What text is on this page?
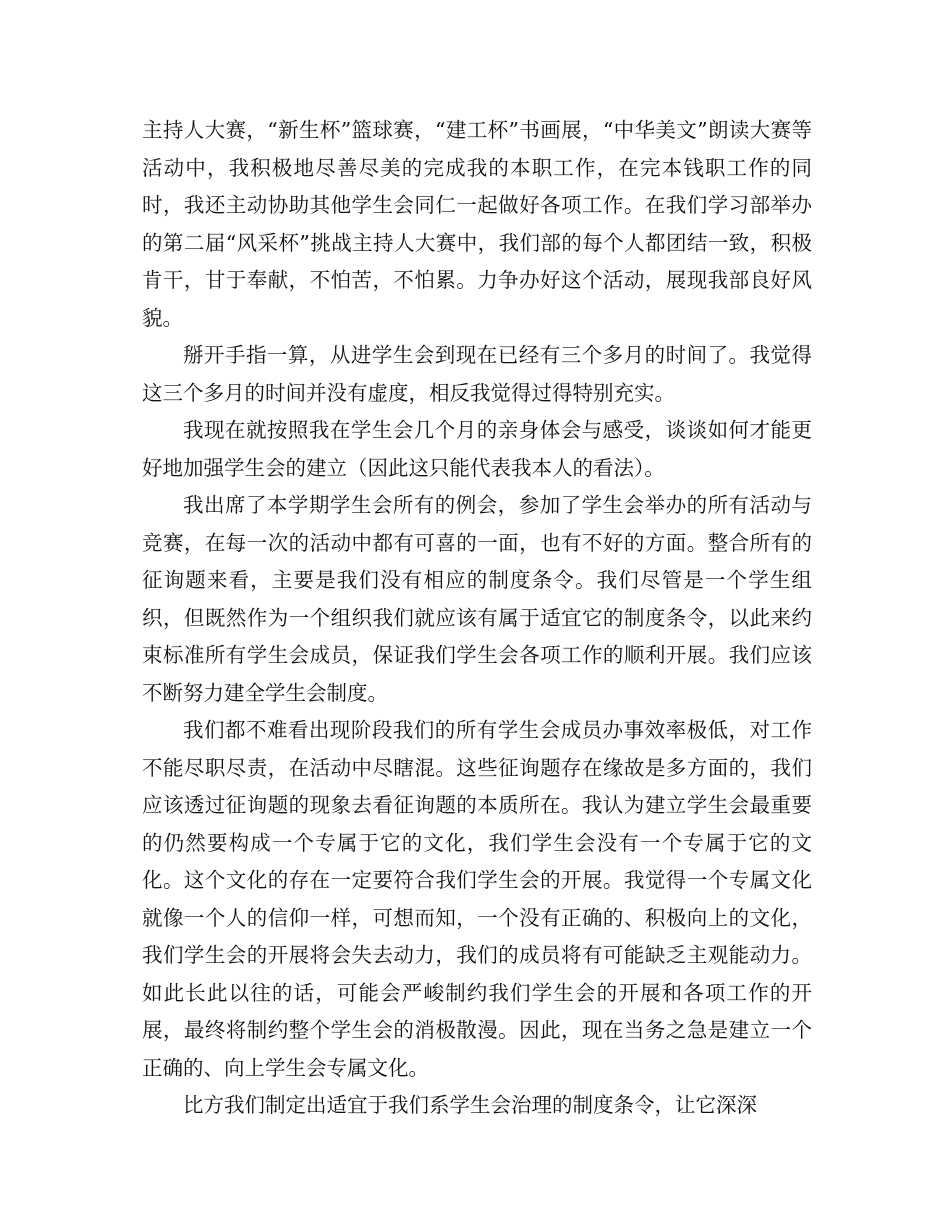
主持人大赛，“新生杯”篮球赛，“建工杯”书画展，“中华美文”朗读大赛等活动中，我积极地尽善尽美的完成我的本职工作，在完本钱职工作的同时，我还主动协助其他学生会同仁一起做好各项工作。在我们学习部举办的第二届“风采杯”挑战主持人大赛中，我们部的每个人都团结一致，积极肯干，甘于奉献，不怕苦，不怕累。力争办好这个活动，展现我部良好风貌。

掰开手指一算，从进学生会到现在已经有三个多月的时间了。我觉得这三个多月的时间并没有虚度，相反我觉得过得特别充实。

我现在就按照我在学生会几个月的亲身体会与感受，谈谈如何才能更好地加强学生会的建立（因此这只能代表我本人的看法）。

我出席了本学期学生会所有的例会，参加了学生会举办的所有活动与竞赛，在每一次的活动中都有可喜的一面，也有不好的方面。整合所有的征询题来看，主要是我们没有相应的制度条令。我们尽管是一个学生组织，但既然作为一个组织我们就应该有属于适宜它的制度条令，以此来约束标准所有学生会成员，保证我们学生会各项工作的顺利开展。我们应该不断努力建全学生会制度。

我们都不难看出现阶段我们的所有学生会成员办事效率极低，对工作不能尽职尽责，在活动中尽瞎混。这些征询题存在缘故是多方面的，我们应该透过征询题的现象去看征询题的本质所在。我认为建立学生会最重要的仍然要构成一个专属于它的文化，我们学生会没有一个专属于它的文化。这个文化的存在一定要符合我们学生会的开展。我觉得一个专属文化就像一个人的信仰一样，可想而知，一个没有正确的、积极向上的文化，我们学生会的开展将会失去动力，我们的成员将有可能缺乏主观能动力。如此长此以往的话，可能会严峻制约我们学生会的开展和各项工作的开展，最终将制约整个学生会的消极散漫。因此，现在当务之急是建立一个正确的、向上学生会专属文化。

比方我们制定出适宜于我们系学生会治理的制度条令，让它深深
